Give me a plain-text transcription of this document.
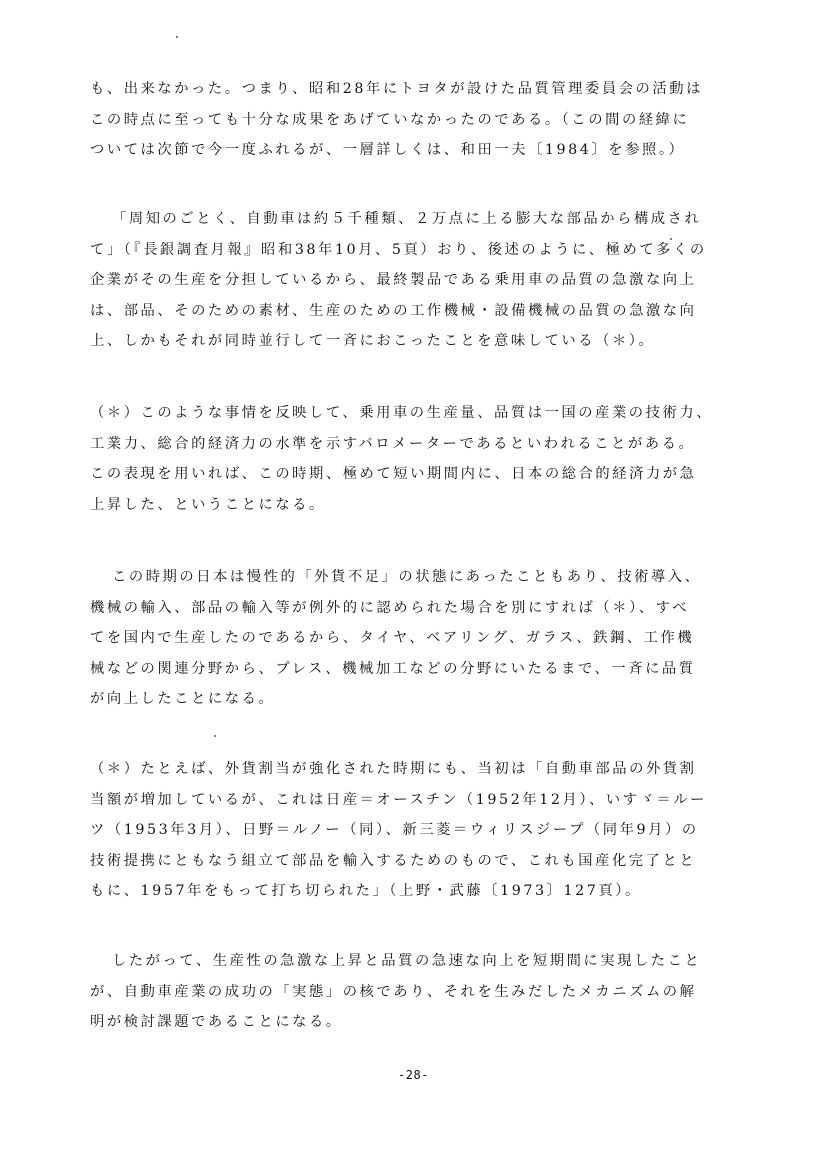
も、出来なかった。つまり、昭和28年にトヨタが設けた品質管理委員会の活動は
この時点に至っても十分な成果をあげていなかったのである。（この間の経緯に
ついては次節で今一度ふれるが、一層詳しくは、和田一夫〔1984〕を参照。）
「周知のごとく、自動車は約５千種類、２万点に上る膨大な部品から構成され
て」（『長銀調査月報』昭和38年10月、5頁）おり、後述のように、極めて多くの
企業がその生産を分担しているから、最終製品である乗用車の品質の急激な向上
は、部品、そのための素材、生産のための工作機械・設備機械の品質の急激な向
上、しかもそれが同時並行して一斉におこったことを意味している（＊）。
（＊）このような事情を反映して、乗用車の生産量、品質は一国の産業の技術力、
工業力、総合的経済力の水準を示すバロメーターであるといわれることがある。
この表現を用いれば、この時期、極めて短い期間内に、日本の総合的経済力が急
上昇した、ということになる。
この時期の日本は慢性的「外貨不足」の状態にあったこともあり、技術導入、
機械の輸入、部品の輸入等が例外的に認められた場合を別にすれば（＊）、すべ
てを国内で生産したのであるから、タイヤ、ベアリング、ガラス、鉄鋼、工作機
械などの関連分野から、プレス、機械加工などの分野にいたるまで、一斉に品質
が向上したことになる。
（＊）たとえば、外貨割当が強化された時期にも、当初は「自動車部品の外貨割
当額が増加しているが、これは日産＝オースチン（1952年12月）、いすゞ＝ルー
ツ（1953年3月）、日野＝ルノー（同）、新三菱＝ウィリスジープ（同年9月）の
技術提携にともなう組立て部品を輸入するためのもので、これも国産化完了とと
もに、1957年をもって打ち切られた」（上野・武藤〔1973〕127頁）。
したがって、生産性の急激な上昇と品質の急速な向上を短期間に実現したこと
が、自動車産業の成功の「実態」の核であり、それを生みだしたメカニズムの解
明が検討課題であることになる。
-28-
